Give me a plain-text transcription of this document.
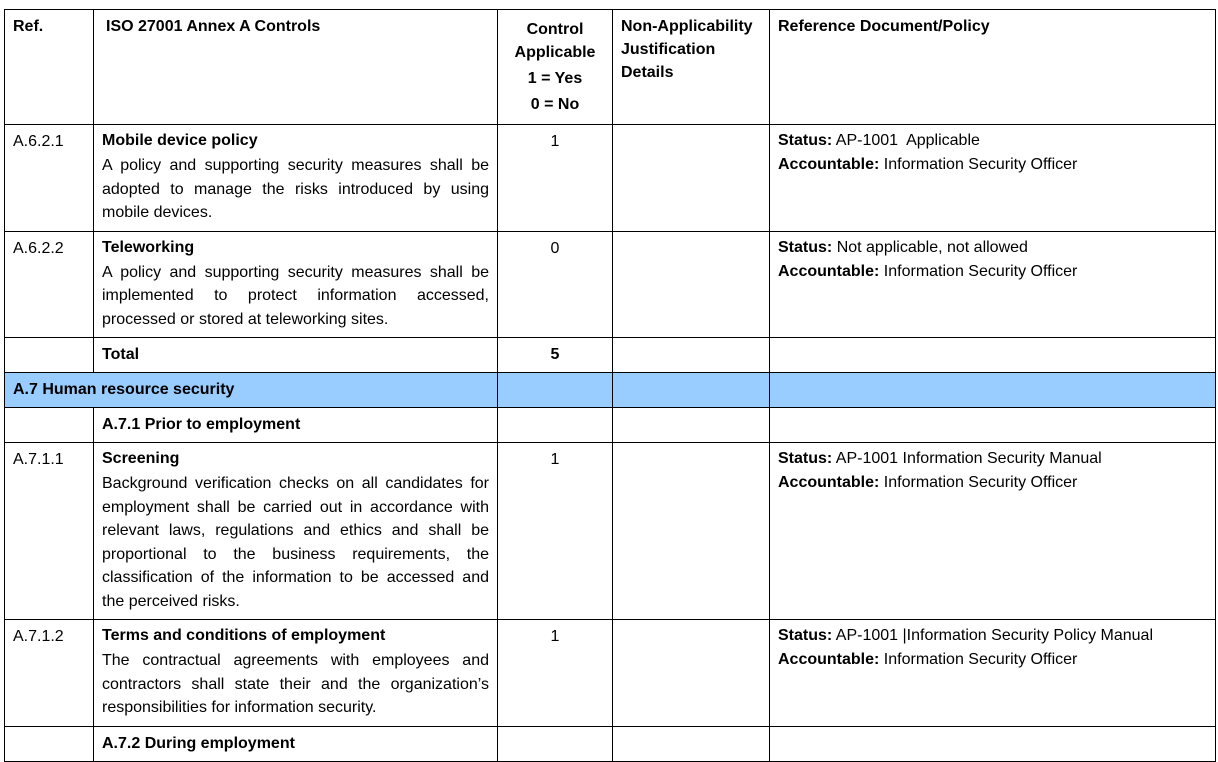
Ref.	ISO 27001 Annex A Controls	Control
Applicable
1 = Yes
0 = No	Non-Applicability
Justification
Details	Reference Document/Policy
A.6.2.1	Mobile device policy
A policy and supporting security measures shall be adopted to manage the risks introduced by using mobile devices.	1		Status: AP-1001  Applicable
Accountable: Information Security Officer

A.6.2.2	Teleworking
A policy and supporting security measures shall be implemented to protect information accessed, processed or stored at teleworking sites.	0		Status: Not applicable, not allowed
Accountable: Information Security Officer

	Total	5		
A.7 Human resource security				
	A.7.1 Prior to employment			
A.7.1.1	Screening
Background verification checks on all candidates for employment shall be carried out in accordance with relevant laws, regulations and ethics and shall be proportional to the business requirements, the classification of the information to be accessed and the perceived risks.	1		Status: AP-1001 Information Security Manual
Accountable: Information Security Officer

A.7.1.2	Terms and conditions of employment
The contractual agreements with employees and contractors shall state their and the organization’s responsibilities for information security.	1		Status: AP-1001 |Information Security Policy Manual
Accountable: Information Security Officer

	A.7.2 During employment			
